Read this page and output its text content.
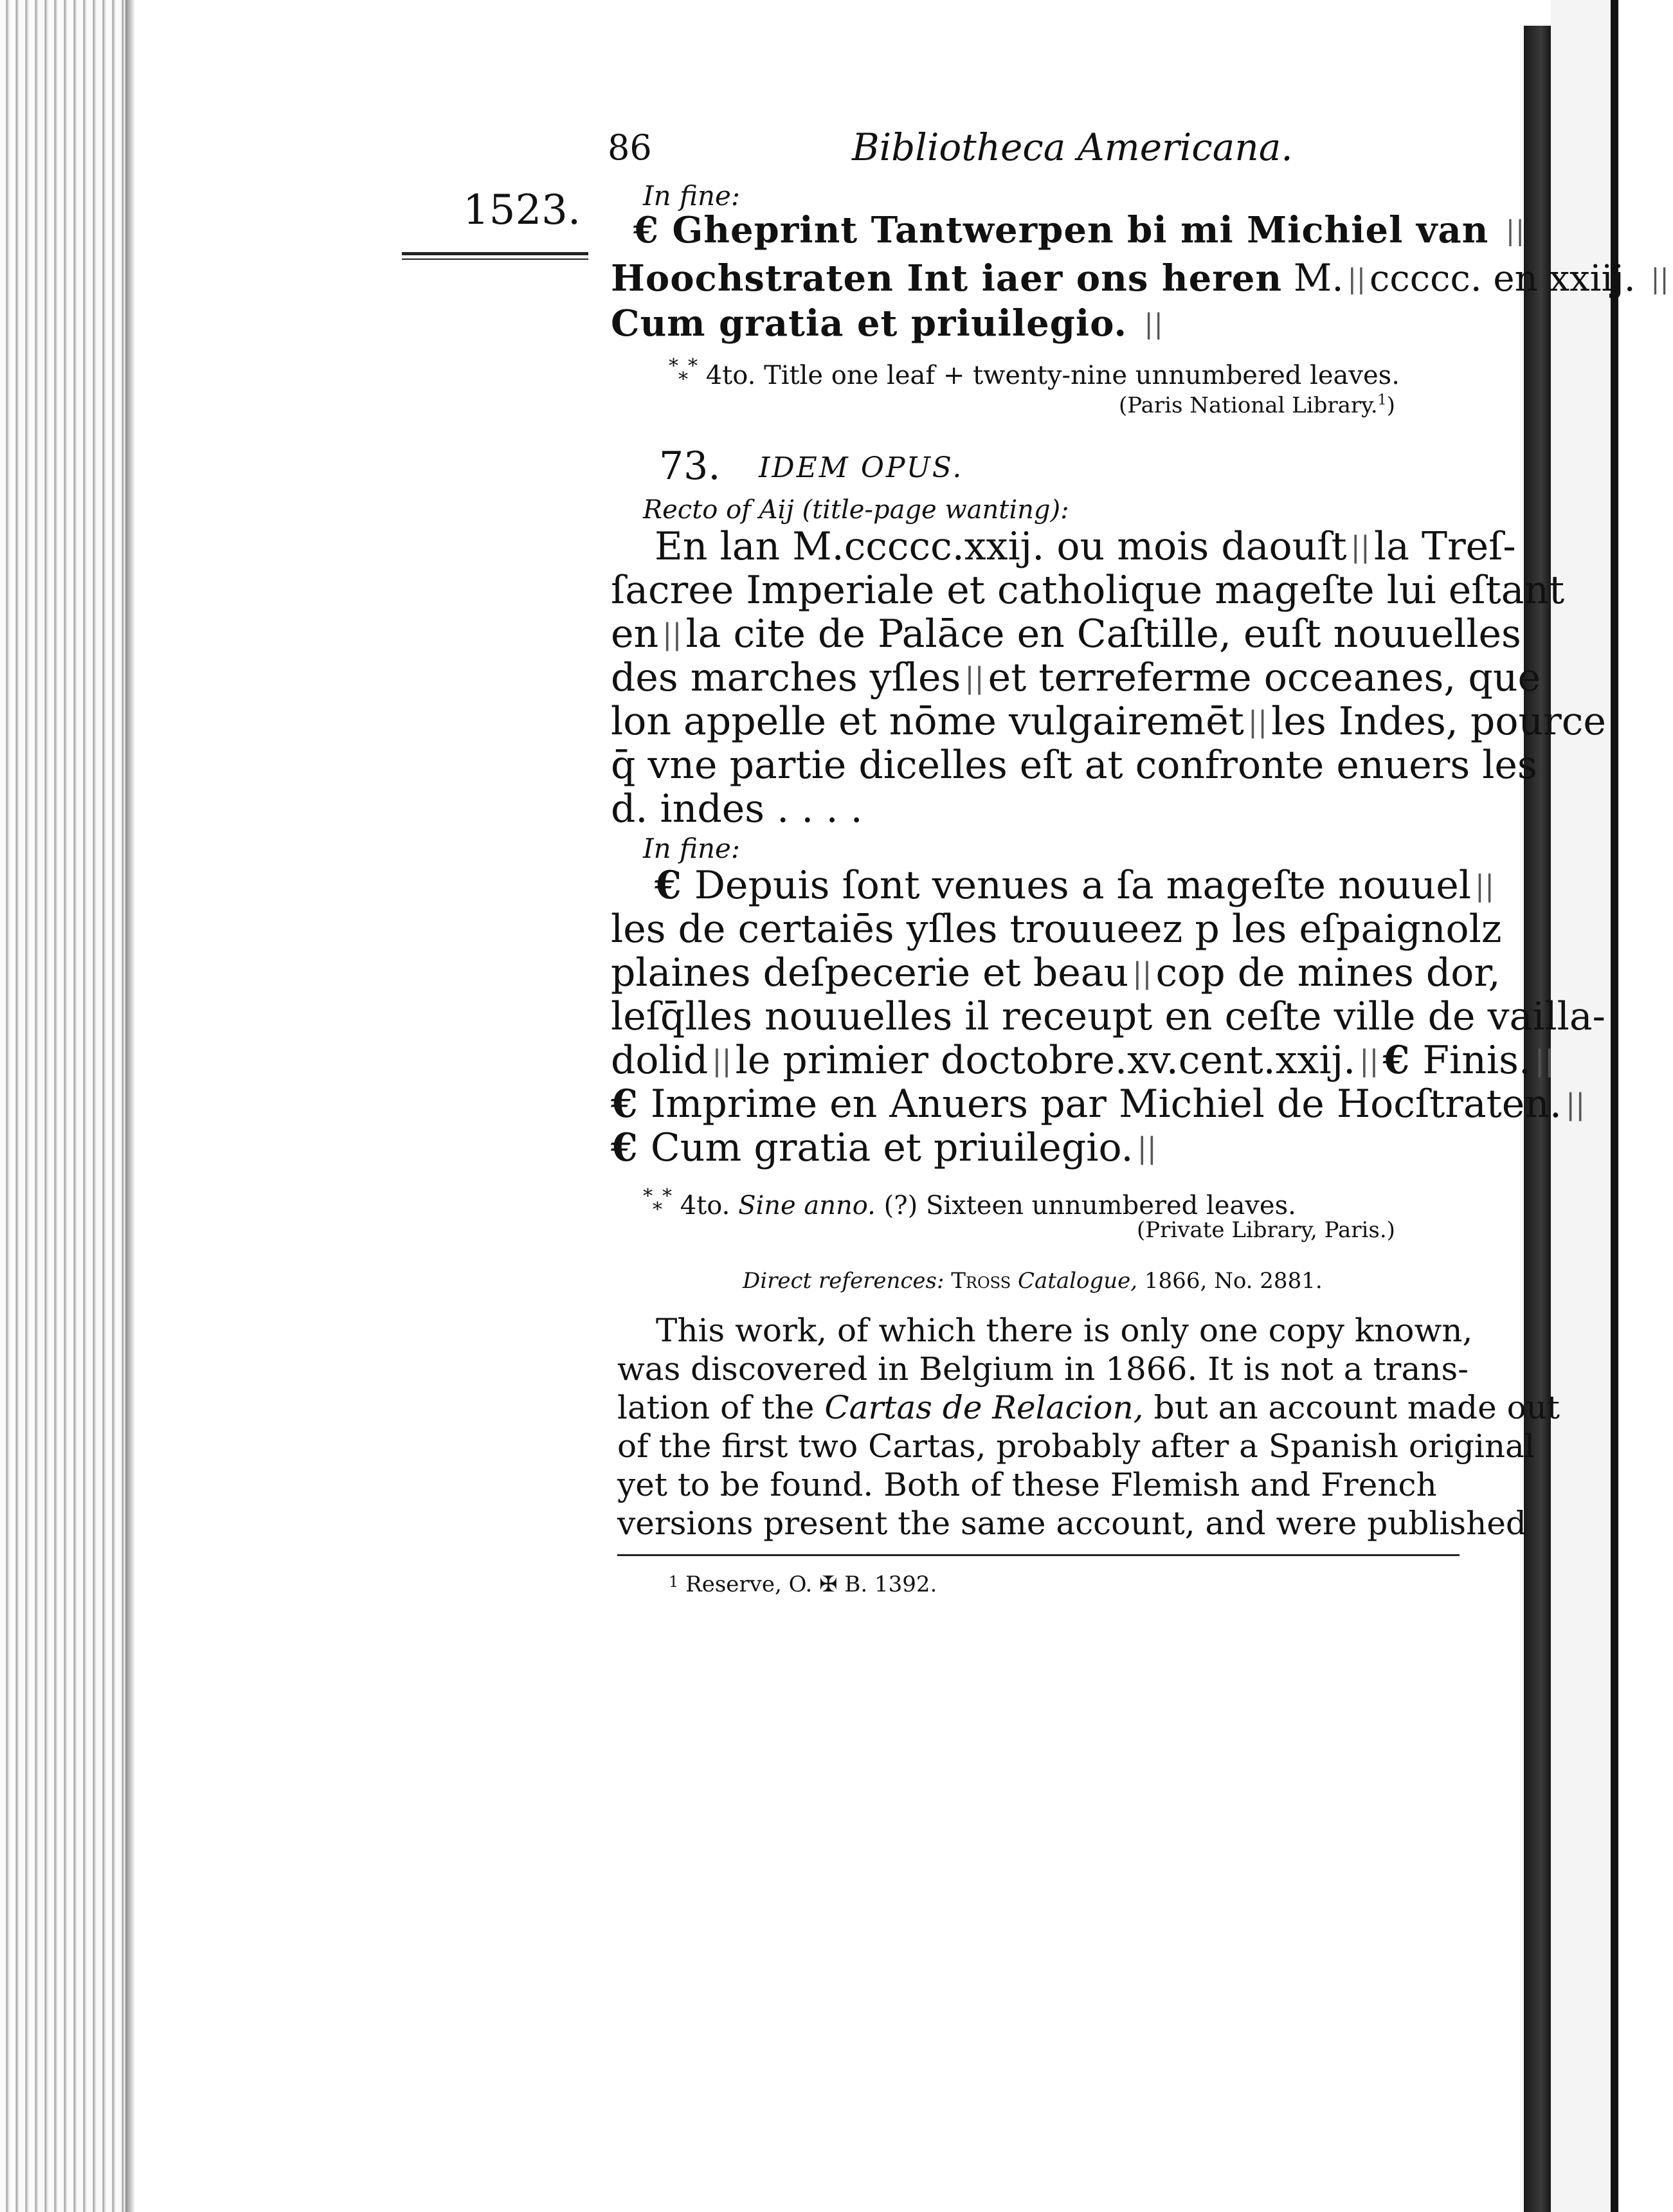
86	Bibliotheca Americana.
1523. In fine:
€ Gheprint Tantwerpen bi mi Michiel van ||
Hoochstraten Int iaer ons heren M. || ccccc. en xxiij. ||
Cum gratia et priuilegio. ||
*** 4to. Title one leaf + twenty-nine unnumbered leaves.
(Paris National Library.$^1$)
73. IDEM OPUS.
Recto of Aij (title-page wanting):
En lan M.ccccc.xxij. ou mois daouſt || la Treſ-
ſacree Imperiale et catholique mageſte lui eſtant
en || la cite de Palāce en Caſtille, euſt nouuelles
des marches yſles || et terreferme occeanes, que
lon appelle et nōme vulgairemēt || les Indes, pource
q̄ vne partie dicelles eſt at confronte enuers les
d. indes . . . .
In fine:
€ Depuis ſont venues a ſa mageſte nouuel ||
les de certaiēs yſles trouueez p les eſpaignolz
plaines deſpecerie et beau || cop de mines dor,
leſq̄lles nouuelles il receupt en ceſte ville de vailla-
dolid || le primier doctobre.xv.cent.xxij. || € Finis. ||
€ Imprime en Anuers par Michiel de Hocſtraten. ||
€ Cum gratia et priuilegio. ||
*** 4to. Sine anno. (?) Sixteen unnumbered leaves.
(Private Library, Paris.)
Direct references: Tross Catalogue, 1866, No. 2881.
This work, of which there is only one copy known,
was discovered in Belgium in 1866. It is not a trans-
lation of the Cartas de Relacion, but an account made out
of the first two Cartas, probably after a Spanish original
yet to be found. Both of these Flemish and French
versions present the same account, and were published
$^1$ Reserve, O. ✠ B. 1392.
